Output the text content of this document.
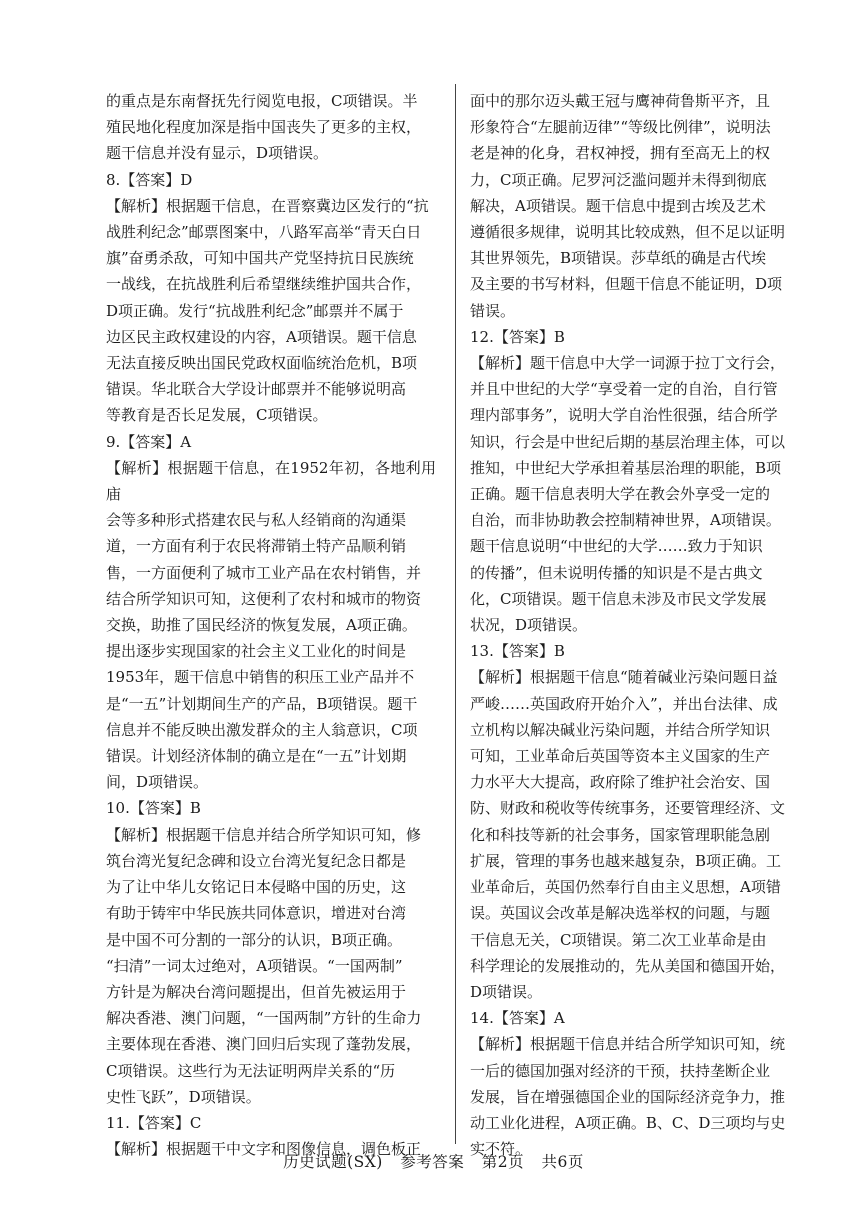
的重点是东南督抚先行阅览电报，C项错误。半

殖民地化程度加深是指中国丧失了更多的主权，

题干信息并没有显示，D项错误。

8.【答案】D

【解析】根据题干信息，在晋察冀边区发行的“抗

战胜利纪念”邮票图案中，八路军高举“青天白日

旗”奋勇杀敌，可知中国共产党坚持抗日民族统

一战线，在抗战胜利后希望继续维护国共合作，

D项正确。发行“抗战胜利纪念”邮票并不属于

边区民主政权建设的内容，A项错误。题干信息

无法直接反映出国民党政权面临统治危机，B项

错误。华北联合大学设计邮票并不能够说明高

等教育是否长足发展，C项错误。

9.【答案】A

【解析】根据题干信息，在1952年初，各地利用庙

会等多种形式搭建农民与私人经销商的沟通渠

道，一方面有利于农民将滞销土特产品顺利销

售，一方面便利了城市工业产品在农村销售，并

结合所学知识可知，这便利了农村和城市的物资

交换，助推了国民经济的恢复发展，A项正确。

提出逐步实现国家的社会主义工业化的时间是

1953年，题干信息中销售的积压工业产品并不

是“一五”计划期间生产的产品，B项错误。题干

信息并不能反映出激发群众的主人翁意识，C项

错误。计划经济体制的确立是在“一五”计划期

间，D项错误。

10.【答案】B

【解析】根据题干信息并结合所学知识可知，修

筑台湾光复纪念碑和设立台湾光复纪念日都是

为了让中华儿女铭记日本侵略中国的历史，这

有助于铸牢中华民族共同体意识，增进对台湾

是中国不可分割的一部分的认识，B项正确。

“扫清”一词太过绝对，A项错误。“一国两制”

方针是为解决台湾问题提出，但首先被运用于

解决香港、澳门问题，“一国两制”方针的生命力

主要体现在香港、澳门回归后实现了蓬勃发展，

C项错误。这些行为无法证明两岸关系的“历

史性飞跃”，D项错误。

11.【答案】C

【解析】根据题干中文字和图像信息，调色板正

面中的那尔迈头戴王冠与鹰神荷鲁斯平齐，且

形象符合“左腿前迈律”“等级比例律”，说明法

老是神的化身，君权神授，拥有至高无上的权

力，C项正确。尼罗河泛滥问题并未得到彻底

解决，A项错误。题干信息中提到古埃及艺术

遵循很多规律，说明其比较成熟，但不足以证明

其世界领先，B项错误。莎草纸的确是古代埃

及主要的书写材料，但题干信息不能证明，D项

错误。

12.【答案】B

【解析】题干信息中大学一词源于拉丁文行会，

并且中世纪的大学“享受着一定的自治，自行管

理内部事务”，说明大学自治性很强，结合所学

知识，行会是中世纪后期的基层治理主体，可以

推知，中世纪大学承担着基层治理的职能，B项

正确。题干信息表明大学在教会外享受一定的

自治，而非协助教会控制精神世界，A项错误。

题干信息说明“中世纪的大学……致力于知识

的传播”，但未说明传播的知识是不是古典文

化，C项错误。题干信息未涉及市民文学发展

状况，D项错误。

13.【答案】B

【解析】根据题干信息“随着碱业污染问题日益

严峻……英国政府开始介入”，并出台法律、成

立机构以解决碱业污染问题，并结合所学知识

可知，工业革命后英国等资本主义国家的生产

力水平大大提高，政府除了维护社会治安、国

防、财政和税收等传统事务，还要管理经济、文

化和科技等新的社会事务，国家管理职能急剧

扩展，管理的事务也越来越复杂，B项正确。工

业革命后，英国仍然奉行自由主义思想，A项错

误。英国议会改革是解决选举权的问题，与题

干信息无关，C项错误。第二次工业革命是由

科学理论的发展推动的，先从美国和德国开始，

D项错误。

14.【答案】A

【解析】根据题干信息并结合所学知识可知，统

一后的德国加强对经济的干预，扶持垄断企业

发展，旨在增强德国企业的国际经济竞争力，推

动工业化进程，A项正确。B、C、D三项均与史

实不符。

历史试题(SX) 参考答案 第2页 共6页
